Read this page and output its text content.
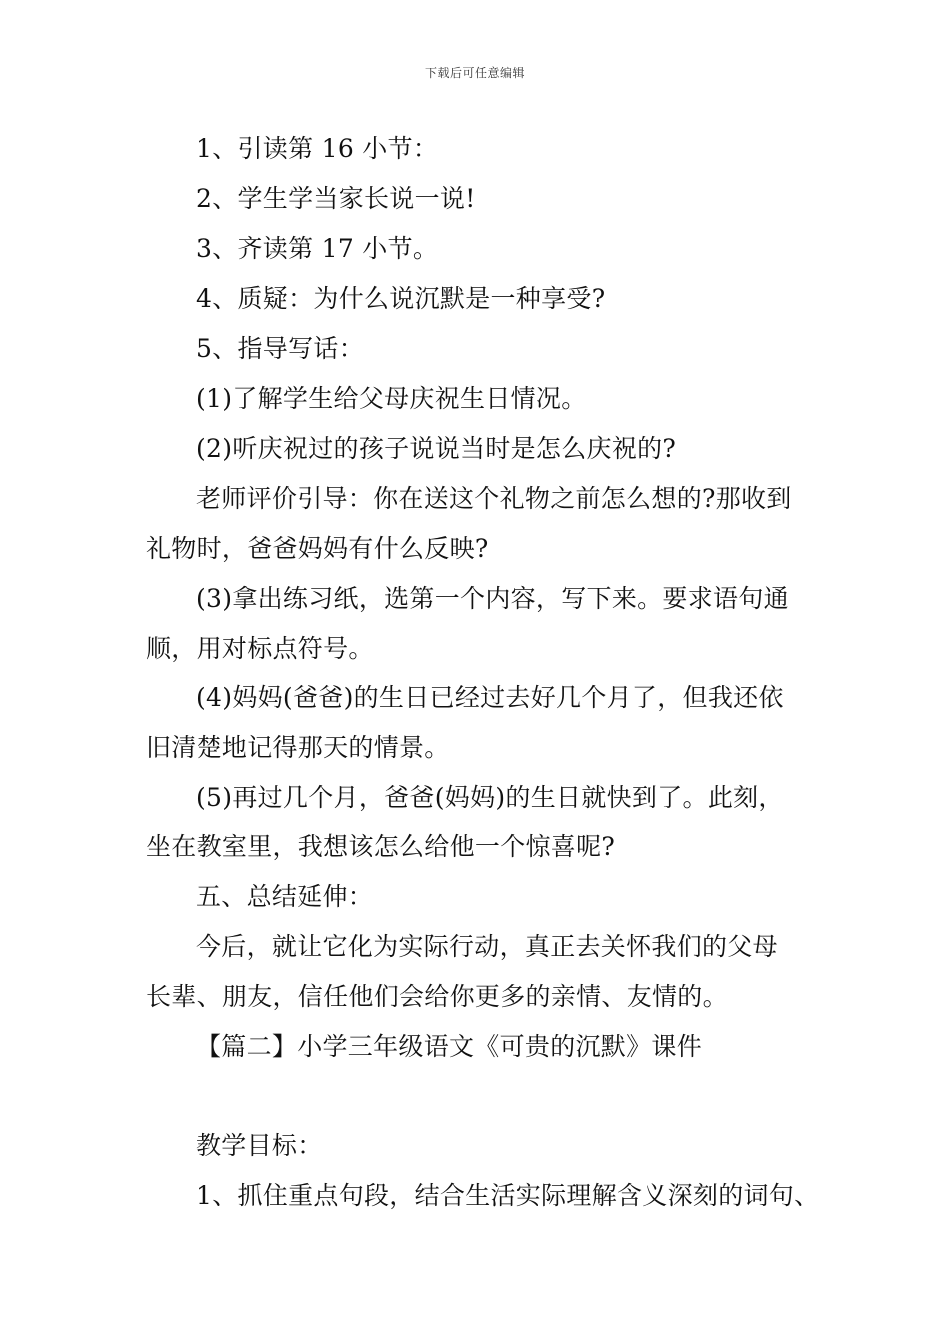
下载后可任意编辑
1、引读第 16 小节：
2、学生学当家长说一说!
3、齐读第 17 小节。
4、质疑：为什么说沉默是一种享受?
5、指导写话：
(1)了解学生给父母庆祝生日情况。
(2)听庆祝过的孩子说说当时是怎么庆祝的?
老师评价引导：你在送这个礼物之前怎么想的?那收到
礼物时，爸爸妈妈有什么反映?
(3)拿出练习纸，选第一个内容，写下来。要求语句通
顺，用对标点符号。
(4)妈妈(爸爸)的生日已经过去好几个月了，但我还依
旧清楚地记得那天的情景。
(5)再过几个月，爸爸(妈妈)的生日就快到了。此刻，
坐在教室里，我想该怎么给他一个惊喜呢?
五、总结延伸：
今后，就让它化为实际行动，真正去关怀我们的父母
长辈、朋友，信任他们会给你更多的亲情、友情的。
【篇二】小学三年级语文《可贵的沉默》课件
教学目标：
1、抓住重点句段，结合生活实际理解含义深刻的词句、
